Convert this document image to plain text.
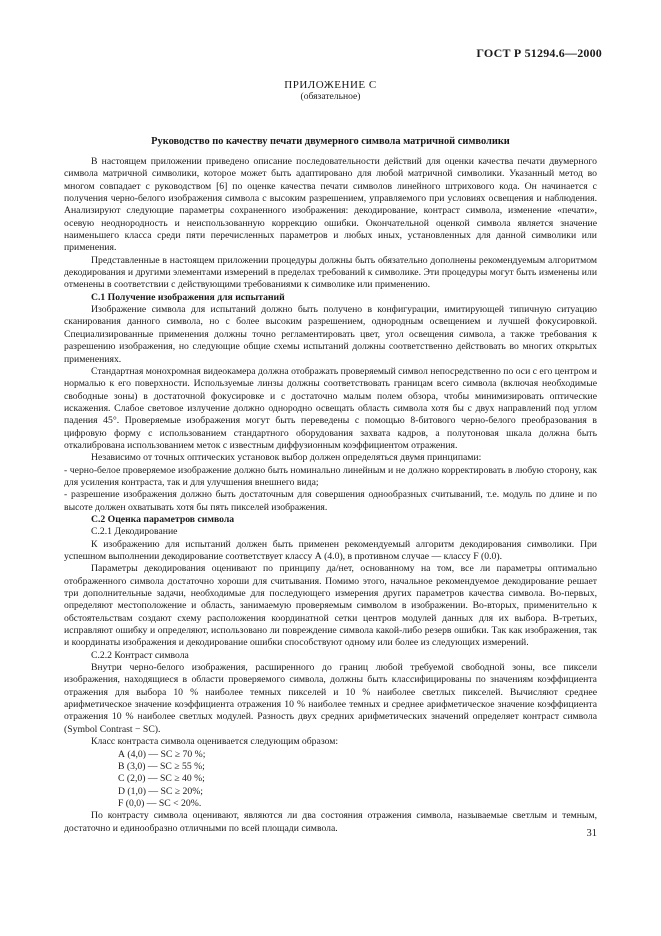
ГОСТ Р 51294.6—2000
ПРИЛОЖЕНИЕ С
(обязательное)
Руководство по качеству печати двумерного символа матричной символики

В настоящем приложении приведено описание последовательности действий для оценки качества печати двумерного символа матричной символики, которое может быть адаптировано для любой матричной символики. Указанный метод во многом совпадает с руководством [6] по оценке качества печати символов линейного штрихового кода. Он начинается с получения черно-белого изображения символа с высоким разрешением, управляемого при условиях освещения и наблюдения. Анализируют следующие параметры сохраненного изображения: декодирование, контраст символа, изменение «печати», осевую неоднородность и неиспользованную коррекцию ошибки. Окончательной оценкой символа является значение наименьшего класса среди пяти перечисленных параметров и любых иных, установленных для данной символики или применения.

Представленные в настоящем приложении процедуры должны быть обязательно дополнены рекомендуемым алгоритмом декодирования и другими элементами измерений в пределах требований к символике. Эти процедуры могут быть изменены или отменены в соответствии с действующими требованиями к символике или применению.

С.1 Получение изображения для испытаний

Изображение символа для испытаний должно быть получено в конфигурации, имитирующей типичную ситуацию сканирования данного символа, но с более высоким разрешением, однородным освещением и лучшей фокусировкой. Специализированные применения должны точно регламентировать цвет, угол освещения символа, а также требования к разрешению изображения, но следующие общие схемы испытаний должны соответственно действовать во многих открытых применениях.

Стандартная монохромная видеокамера должна отображать проверяемый символ непосредственно по оси с его центром и нормалью к его поверхности. Используемые линзы должны соответствовать границам всего символа (включая необходимые свободные зоны) в достаточной фокусировке и с достаточно малым полем обзора, чтобы минимизировать оптические искажения. Слабое световое излучение должно однородно освещать область символа хотя бы с двух направлений под углом падения 45°. Проверяемые изображения могут быть переведены с помощью 8-битового черно-белого преобразования в цифровую форму с использованием стандартного оборудования захвата кадров, а полутоновая шкала должна быть откалибрована использованием меток с известным диффузионным коэффициентом отражения.

Независимо от точных оптических установок выбор должен определяться двумя принципами:

- черно-белое проверяемое изображение должно быть номинально линейным и не должно корректировать в любую сторону, как для усиления контраста, так и для улучшения внешнего вида;

- разрешение изображения должно быть достаточным для совершения однообразных считываний, т.е. модуль по длине и по высоте должен охватывать хотя бы пять пикселей изображения.

С.2 Оценка параметров символа

С.2.1 Декодирование

К изображению для испытаний должен быть применен рекомендуемый алгоритм декодирования символики. При успешном выполнении декодирование соответствует классу А (4.0), в противном случае — классу F (0.0).

Параметры декодирования оценивают по принципу да/нет, основанному на том, все ли параметры оптимально отображенного символа достаточно хороши для считывания. Помимо этого, начальное рекомендуемое декодирование решает три дополнительные задачи, необходимые для последующего измерения других параметров качества символа. Во-первых, определяют местоположение и область, занимаемую проверяемым символом в изображении. Во-вторых, применительно к обстоятельствам создают схему расположения координатной сетки центров модулей данных для их выбора. В-третьих, исправляют ошибку и определяют, использовано ли повреждение символа какой-либо резерв ошибки. Так как изображения, так и координаты изображения и декодирование ошибки способствуют одному или более из следующих измерений.

С.2.2 Контраст символа

Внутри черно-белого изображения, расширенного до границ любой требуемой свободной зоны, все пиксели изображения, находящиеся в области проверяемого символа, должны быть классифицированы по значениям коэффициента отражения для выбора 10 % наиболее темных пикселей и 10 % наиболее светлых пикселей. Вычисляют среднее арифметическое значение коэффициента отражения 10 % наиболее темных и среднее арифметическое значение коэффициента отражения 10 % наиболее светлых модулей. Разность двух средних арифметических значений определяет контраст символа (Symbol Contrast − SC).

Класс контраста символа оценивается следующим образом:

А (4,0) — SC ≥ 70 %;

В (3,0) — SC ≥ 55 %;

С (2,0) — SC ≥ 40 %;

D (1,0) — SC ≥ 20%;

F (0,0) — SC < 20%.

По контрасту символа оценивают, являются ли два состояния отражения символа, называемые светлым и темным, достаточно и единообразно отличными по всей площади символа.	31
